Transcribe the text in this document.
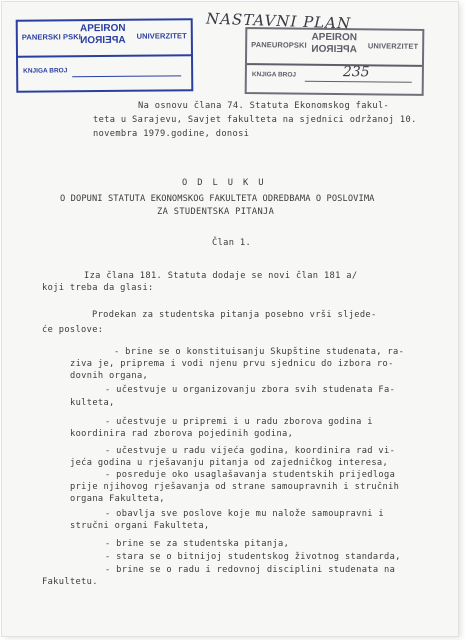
PANERSKI PSKI
APEIRON
APEIRON UNIVERZITET
KNJIGA BROJ
PANEUROPSKI
APEIRON
APEIRON UNIVERZITET
KNJIGA BROJ	235
NASTAVNI PLAN
Na osnovu člana 74. Statuta Ekonomskog fakul-
teta u Sarajevu, Savjet fakulteta na sjednici održanoj 10.
novembra 1979.godine, donosi
O D L U K U
O DOPUNI STATUTA EKONOMSKOG FAKULTETA ODREDBAMA O POSLOVIMA
ZA STUDENTSKA PITANJA
Član 1.
Iza člana 181. Statuta dodaje se novi član 181 a/
koji treba da glasi:
Prodekan za studentska pitanja posebno vrši sljede-
će poslove:
- brine se o konstituisanju Skupštine studenata, ra-
ziva je, priprema i vodi njenu prvu sjednicu do izbora ro-
dovnih organa,
- učestvuje u organizovanju zbora svih studenata Fa-
kulteta,
- učestvuje u pripremi i u radu zborova godina i
koordinira rad zborova pojedinih godina,
- učestvuje u radu vijeća godina, koordinira rad vi-
jeća godina u rješavanju pitanja od zajedničkog interesa,
- posreduje oko usaglašavanja studentskih prijedloga
prije njihovog rješavanja od strane samoupravnih i stručnih
organa Fakulteta,
- obavlja sve poslove koje mu nalože samoupravni i
stručni organi Fakulteta,
- brine se za studentska pitanja,
- stara se o bitnijoj studentskog životnog standarda,
- brine se o radu i redovnoj disciplini studenata na
Fakultetu.
